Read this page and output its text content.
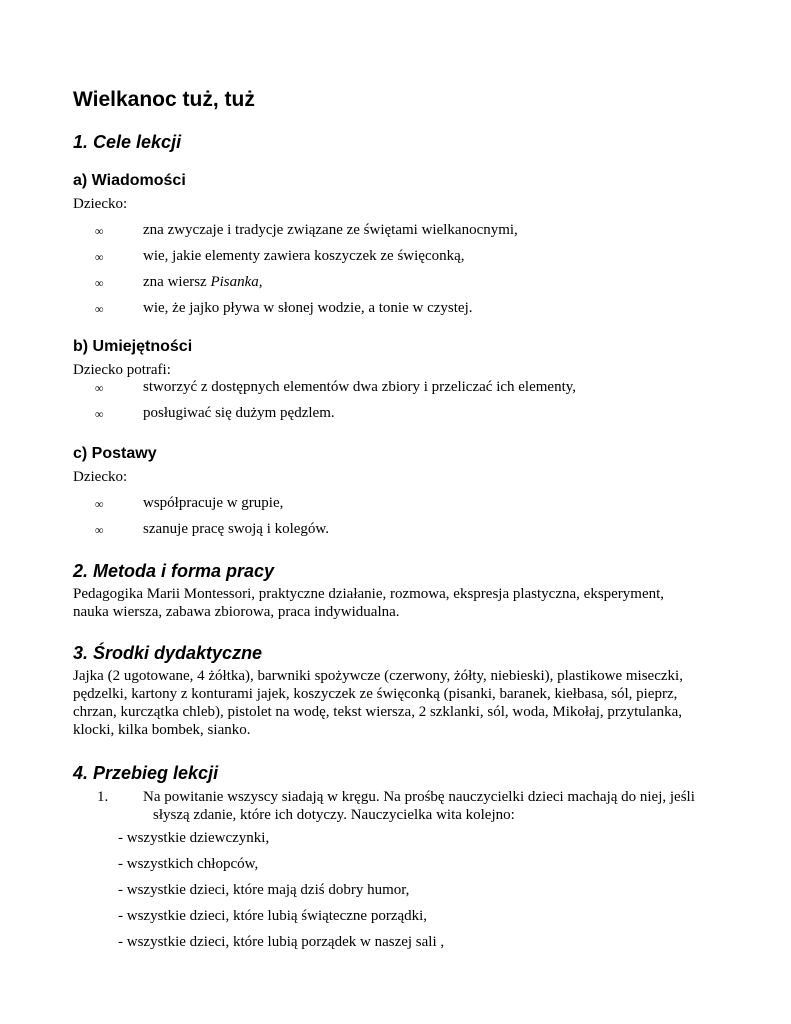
Wielkanoc tuż, tuż
1. Cele lekcji
a) Wiadomości
Dziecko:
∞	zna zwyczaje i tradycje związane ze świętami wielkanocnymi,
∞	wie, jakie elementy zawiera koszyczek ze święconką,
∞	zna wiersz Pisanka,
∞	wie, że jajko pływa w słonej wodzie, a tonie w czystej.
b) Umiejętności
Dziecko potrafi:
∞	stworzyć z dostępnych elementów dwa zbiory i przeliczać ich elementy,
∞	posługiwać się dużym pędzlem.
c) Postawy
Dziecko:
∞	współpracuje w grupie,
∞	szanuje pracę swoją i kolegów.
2. Metoda i forma pracy
Pedagogika Marii Montessori, praktyczne działanie, rozmowa, ekspresja plastyczna, eksperyment,
nauka wiersza, zabawa zbiorowa, praca indywidualna.
3. Środki dydaktyczne
Jajka (2 ugotowane, 4 żółtka), barwniki spożywcze (czerwony, żółty, niebieski), plastikowe miseczki,
pędzelki, kartony z konturami jajek, koszyczek ze święconką (pisanki, baranek, kiełbasa, sól, pieprz,
chrzan, kurczątka chleb), pistolet na wodę, tekst wiersza, 2 szklanki, sól, woda, Mikołaj, przytulanka,
klocki, kilka bombek, sianko.
4. Przebieg lekcji
1. Na powitanie wszyscy siadają w kręgu. Na prośbę nauczycielki dzieci machają do niej, jeśli
słyszą zdanie, które ich dotyczy. Nauczycielka wita kolejno:
- wszystkie dziewczynki,
- wszystkich chłopców,
- wszystkie dzieci, które mają dziś dobry humor,
- wszystkie dzieci, które lubią świąteczne porządki,
- wszystkie dzieci, które lubią porządek w naszej sali ,
